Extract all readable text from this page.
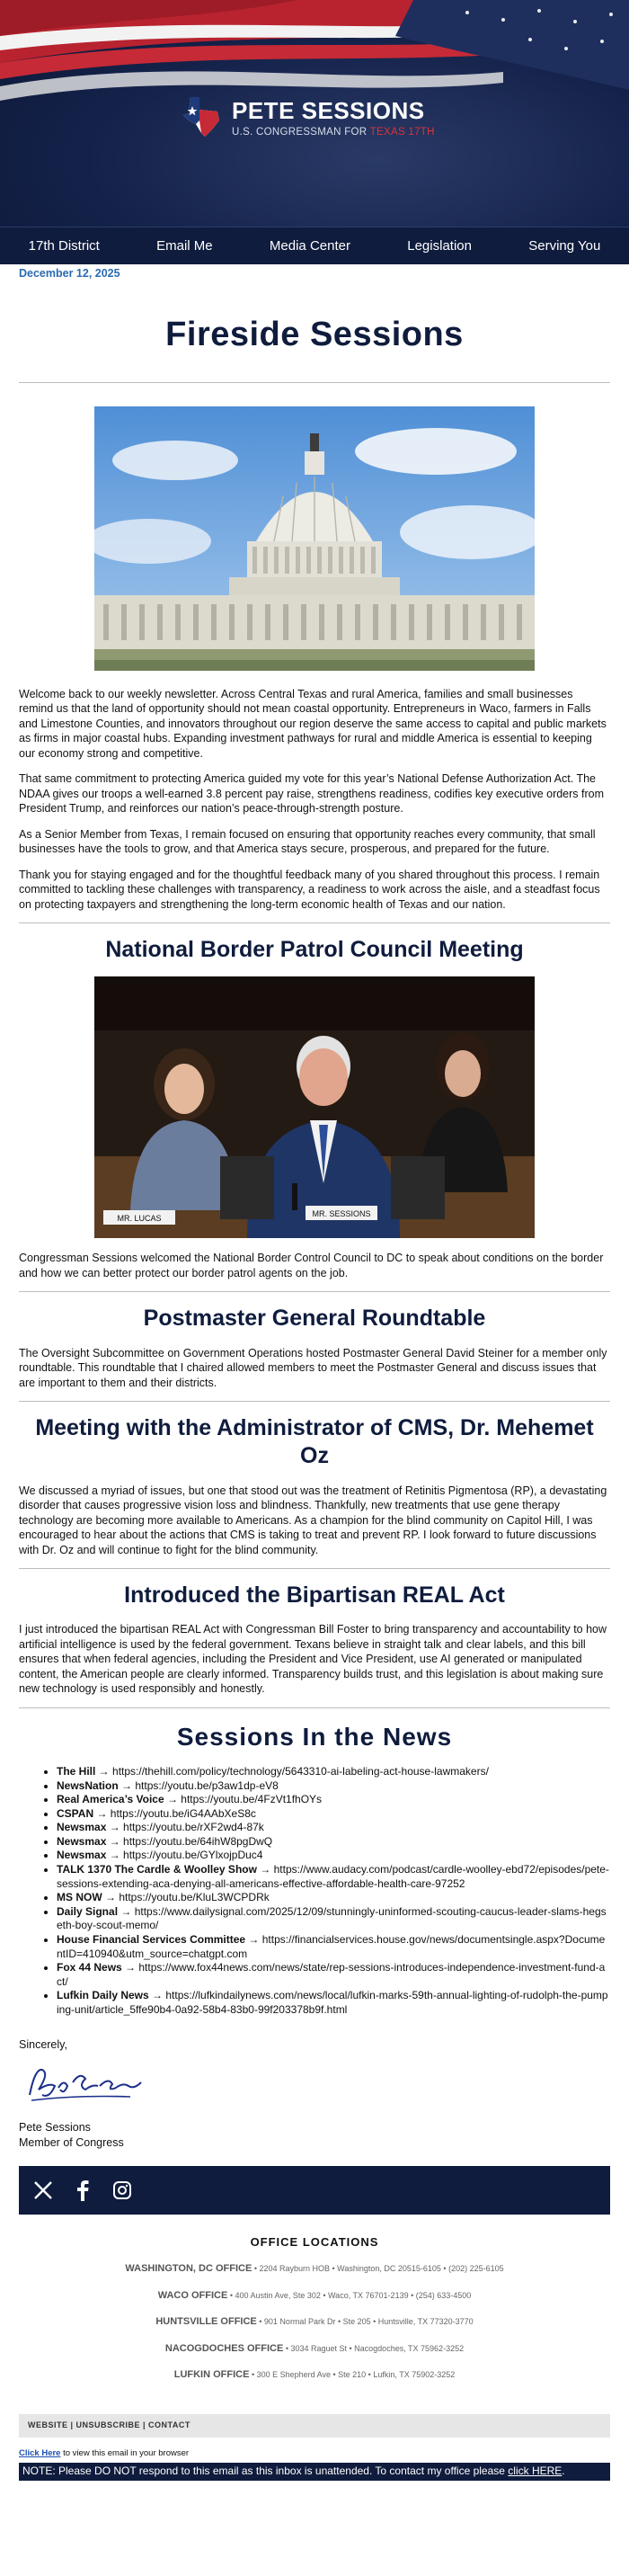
PETE SESSIONS
U.S. CONGRESSMAN FOR TEXAS 17TH
17th District	Email Me	Media Center	Legislation	Serving You
December 12, 2025
Fireside Sessions

Welcome back to our weekly newsletter. Across Central Texas and rural America, families and small businesses remind us that the land of opportunity should not mean coastal opportunity. Entrepreneurs in Waco, farmers in Falls and Limestone Counties, and innovators throughout our region deserve the same access to capital and public markets as firms in major coastal hubs. Expanding investment pathways for rural and middle America is essential to keeping our economy strong and competitive.

That same commitment to protecting America guided my vote for this year’s National Defense Authorization Act. The NDAA gives our troops a well-earned 3.8 percent pay raise, strengthens readiness, codifies key executive orders from President Trump, and reinforces our nation’s peace-through-strength posture.

As a Senior Member from Texas, I remain focused on ensuring that opportunity reaches every community, that small businesses have the tools to grow, and that America stays secure, prosperous, and prepared for the future.

Thank you for staying engaged and for the thoughtful feedback many of you shared throughout this process. I remain committed to tackling these challenges with transparency, a readiness to work across the aisle, and a steadfast focus on protecting taxpayers and strengthening the long-term economic health of Texas and our nation.

National Border Patrol Council Meeting
MR. LUCAS	MR. SESSIONS

Congressman Sessions welcomed the National Border Control Council to DC to speak about conditions on the border and how we can better protect our border patrol agents on the job.

Postmaster General Roundtable

The Oversight Subcommittee on Government Operations hosted Postmaster General David Steiner for a member only roundtable. This roundtable that I chaired allowed members to meet the Postmaster General and discuss issues that are important to them and their districts.

Meeting with the Administrator of CMS, Dr. Mehemet Oz

We discussed a myriad of issues, but one that stood out was the treatment of Retinitis Pigmentosa (RP), a devastating disorder that causes progressive vision loss and blindness. Thankfully, new treatments that use gene therapy technology are becoming more available to Americans. As a champion for the blind community on Capitol Hill, I was encouraged to hear about the actions that CMS is taking to treat and prevent RP. I look forward to future discussions with Dr. Oz and will continue to fight for the blind community.

Introduced the Bipartisan REAL Act

I just introduced the bipartisan REAL Act with Congressman Bill Foster to bring transparency and accountability to how artificial intelligence is used by the federal government. Texans believe in straight talk and clear labels, and this bill ensures that when federal agencies, including the President and Vice President, use AI generated or manipulated content, the American people are clearly informed. Transparency builds trust, and this legislation is about making sure new technology is used responsibly and honestly.

Sessions In the News
• The Hill → https://thehill.com/policy/technology/5643310-ai-labeling-act-house-lawmakers/
• NewsNation → https://youtu.be/p3aw1dp-eV8
• Real America’s Voice → https://youtu.be/4FzVt1fhOYs
• CSPAN → https://youtu.be/iG4AAbXeS8c
• Newsmax → https://youtu.be/rXF2wd4-87k
• Newsmax → https://youtu.be/64ihW8pgDwQ
• Newsmax → https://youtu.be/GYlxojpDuc4
• TALK 1370 The Cardle & Woolley Show → https://www.audacy.com/podcast/cardle-woolley-ebd72/episodes/pete-sessions-extending-aca-denying-all-americans-effective-affordable-health-care-97252
• MS NOW → https://youtu.be/KluL3WCPDRk
• Daily Signal → https://www.dailysignal.com/2025/12/09/stunningly-uninformed-scouting-caucus-leader-slams-hegseth-boy-scout-memo/
• House Financial Services Committee → https://financialservices.house.gov/news/documentsingle.aspx?DocumentID=410940&utm_source=chatgpt.com
• Fox 44 News → https://www.fox44news.com/news/state/rep-sessions-introduces-independence-investment-fund-act/
• Lufkin Daily News → https://lufkindailynews.com/news/local/lufkin-marks-59th-annual-lighting-of-rudolph-the-pumping-unit/article_5ffe90b4-0a92-58b4-83b0-99f203378b9f.html

Sincerely,

Pete Sessions

Member of Congress

OFFICE LOCATIONS
WASHINGTON, DC OFFICE • 2204 Rayburn HOB • Washington, DC 20515-6105 • (202) 225-6105
WACO OFFICE • 400 Austin Ave, Ste 302 • Waco, TX 76701-2139 • (254) 633-4500
HUNTSVILLE OFFICE • 901 Normal Park Dr • Ste 205 • Huntsville, TX 77320-3770
NACOGDOCHES OFFICE • 3034 Raguet St • Nacogdoches, TX 75962-3252
LUFKIN OFFICE • 300 E Shepherd Ave • Ste 210 • Lufkin, TX 75902-3252
WEBSITE | UNSUBSCRIBE | CONTACT
Click Here to view this email in your browser
NOTE: Please DO NOT respond to this email as this inbox is unattended. To contact my office please click HERE.
